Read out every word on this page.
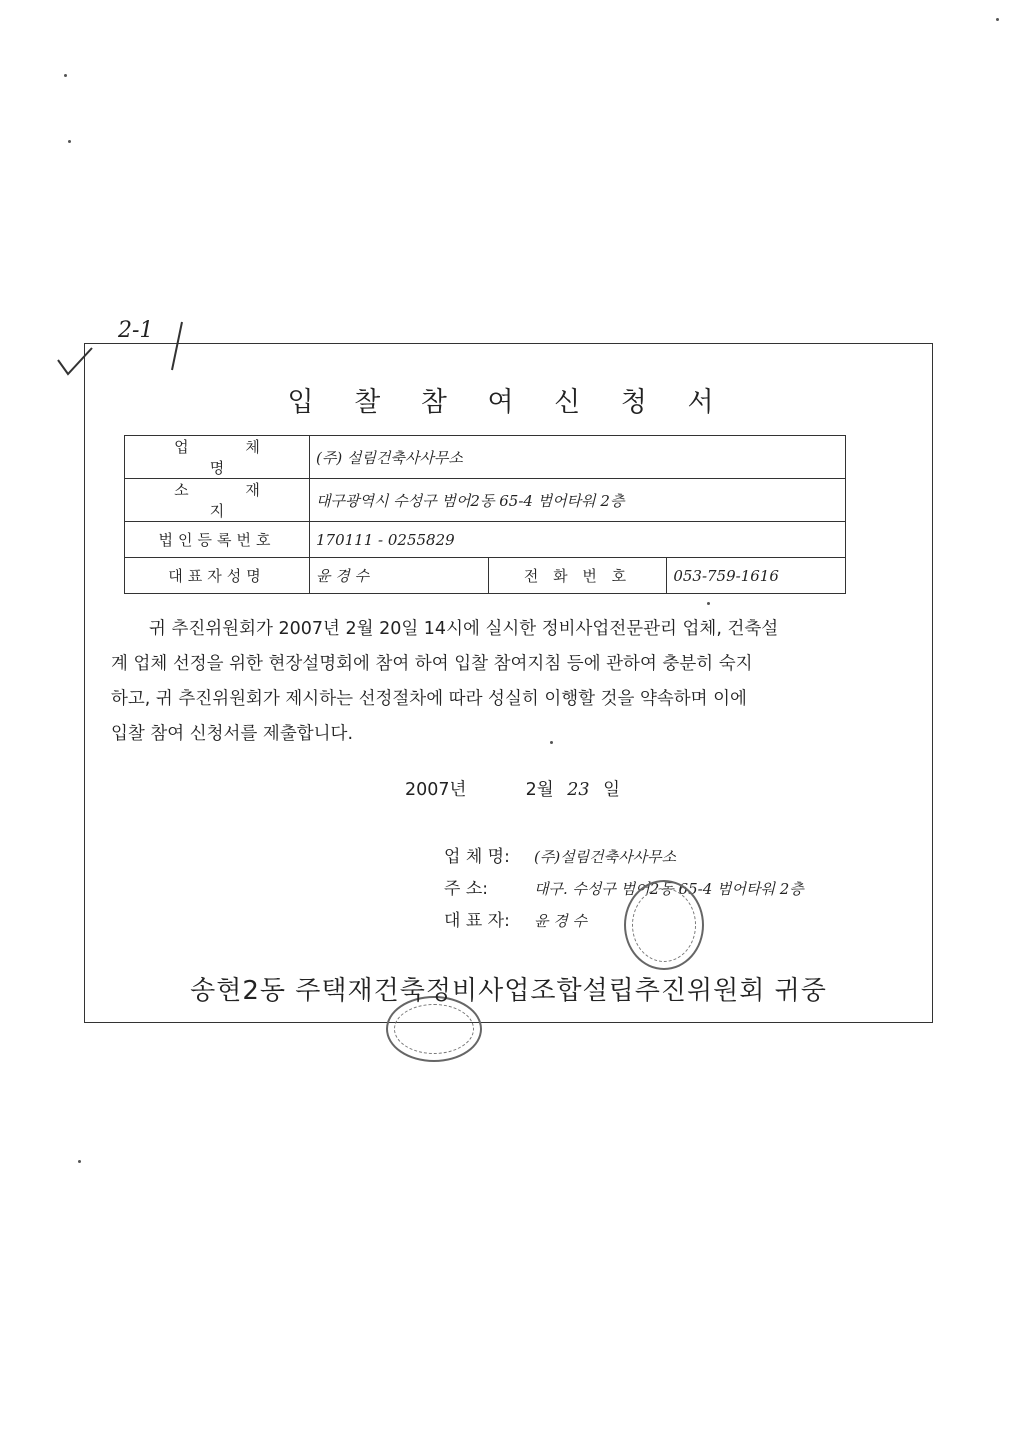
2-1
입 찰 참 여 신 청 서
업 체 명	(주) 설림건축사사무소		
소 재 지	대구광역시 수성구 범어2동 65-4 범어타워 2층		
법인등록번호	170111 - 0255829		
대표자성명	윤 경 수	전 화 번 호	053-759-1616
귀 추진위원회가 2007년 2월 20일 14시에 실시한 정비사업전문관리 업체, 건축설
계 업체 선정을 위한 현장설명회에 참여 하여 입찰 참여지침 등에 관하여 충분히 숙지
하고, 귀 추진위원회가 제시하는 선정절차에 따라 성실히 이행할 것을 약속하며 이에
입찰 참여 신청서를 제출합니다.
2007년	2월 23 일
업 체 명: (주)설림건축사사무소
주 소:	대구. 수성구 범어2동 65-4 범어타워 2층
대 표 자: 윤 경 수
송현2동 주택재건축정비사업조합설립추진위원회 귀중
